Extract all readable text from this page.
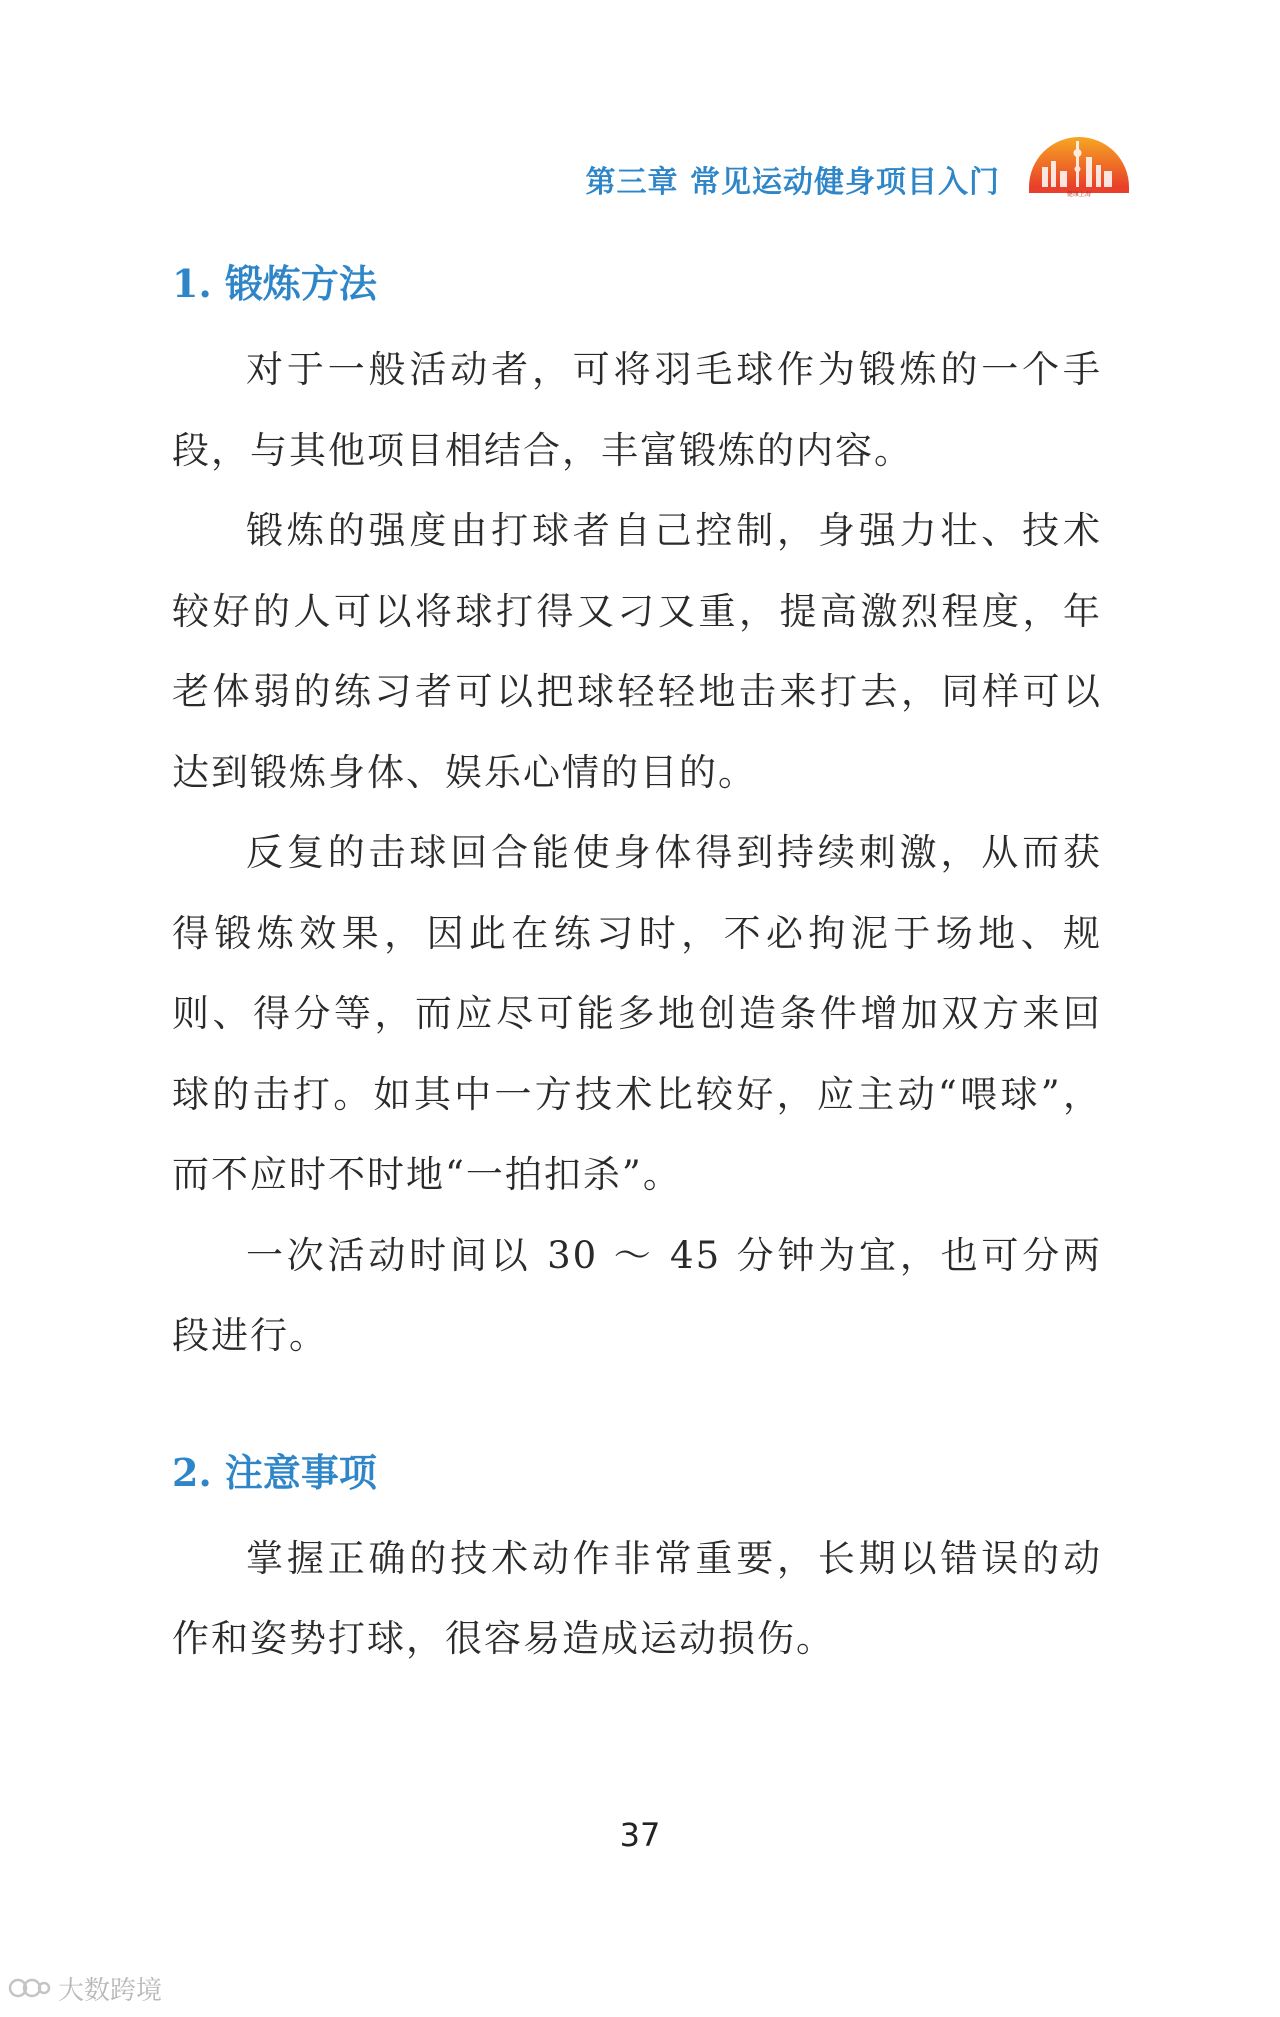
第三章 常见运动健身项目入门	健康上海
1. 锻炼方法

对于一般活动者，可将羽毛球作为锻炼的一个手段，与其他项目相结合，丰富锻炼的内容。

锻炼的强度由打球者自己控制，身强力壮、技术较好的人可以将球打得又刁又重，提高激烈程度，年老体弱的练习者可以把球轻轻地击来打去，同样可以达到锻炼身体、娱乐心情的目的。

反复的击球回合能使身体得到持续刺激，从而获得锻炼效果，因此在练习时，不必拘泥于场地、规则、得分等，而应尽可能多地创造条件增加双方来回球的击打。如其中一方技术比较好，应主动“喂球”，而不应时不时地“一拍扣杀”。

一次活动时间以 30 ～ 45 分钟为宜，也可分两段进行。

2. 注意事项

掌握正确的技术动作非常重要，长期以错误的动作和姿势打球，很容易造成运动损伤。

37
大数跨境
